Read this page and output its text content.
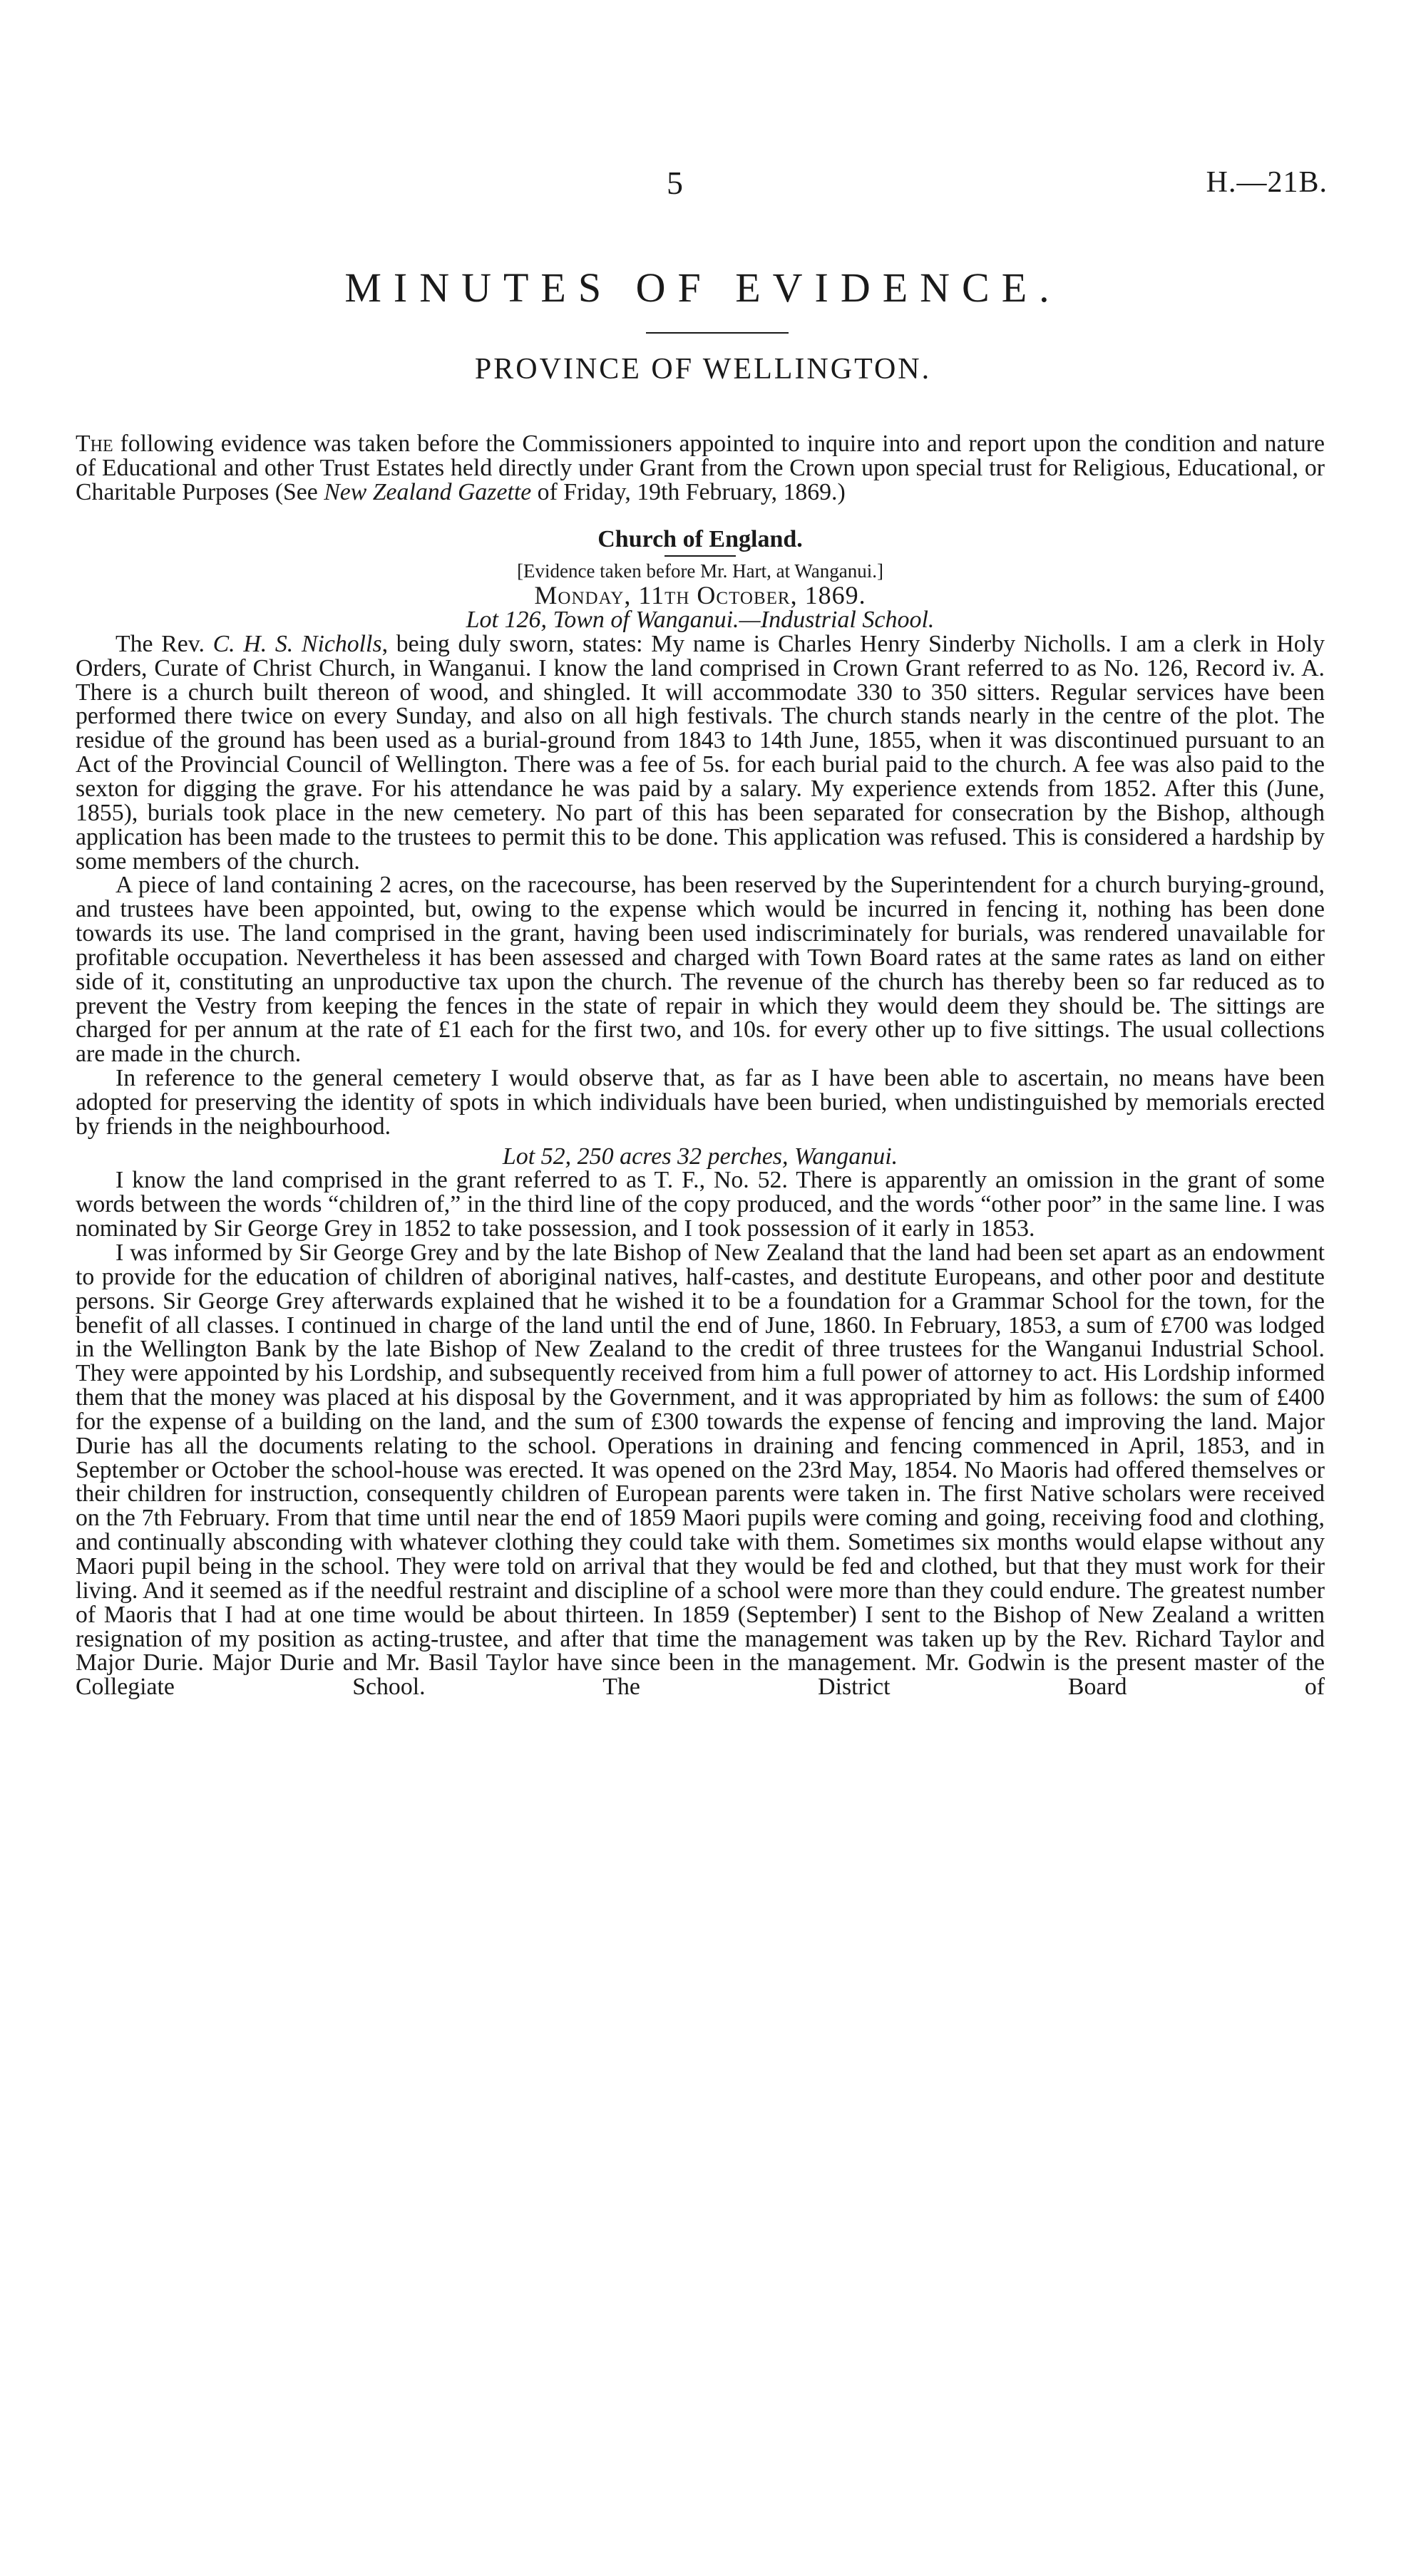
5	H.—21B.
MINUTES OF EVIDENCE.
PROVINCE OF WELLINGTON.

The following evidence was taken before the Commissioners appointed to inquire into and report upon the condition and nature of Educational and other Trust Estates held directly under Grant from the Crown upon special trust for Religious, Educational, or Charitable Purposes (See New Zealand Gazette of Friday, 19th February, 1869.)

Church of England.
[Evidence taken before Mr. Hart, at Wanganui.]
Monday, 11th October, 1869.
Lot 126, Town of Wanganui.—Industrial School.

The Rev. C. H. S. Nicholls, being duly sworn, states: My name is Charles Henry Sinderby Nicholls. I am a clerk in Holy Orders, Curate of Christ Church, in Wanganui. I know the land comprised in Crown Grant referred to as No. 126, Record iv. A. There is a church built thereon of wood, and shingled. It will accommodate 330 to 350 sitters. Regular services have been performed there twice on every Sunday, and also on all high festivals. The church stands nearly in the centre of the plot. The residue of the ground has been used as a burial-ground from 1843 to 14th June, 1855, when it was discontinued pursuant to an Act of the Provincial Council of Wellington. There was a fee of 5s. for each burial paid to the church. A fee was also paid to the sexton for digging the grave. For his attendance he was paid by a salary. My experience extends from 1852. After this (June, 1855), burials took place in the new cemetery. No part of this has been separated for consecration by the Bishop, although application has been made to the trustees to permit this to be done. This application was refused. This is considered a hardship by some members of the church.

A piece of land containing 2 acres, on the racecourse, has been reserved by the Superintendent for a church burying-ground, and trustees have been appointed, but, owing to the expense which would be incurred in fencing it, nothing has been done towards its use. The land comprised in the grant, having been used indiscriminately for burials, was rendered unavailable for profitable occupation. Nevertheless it has been assessed and charged with Town Board rates at the same rates as land on either side of it, constituting an unproductive tax upon the church. The revenue of the church has thereby been so far reduced as to prevent the Vestry from keeping the fences in the state of repair in which they would deem they should be. The sittings are charged for per annum at the rate of £1 each for the first two, and 10s. for every other up to five sittings. The usual collections are made in the church.

In reference to the general cemetery I would observe that, as far as I have been able to ascertain, no means have been adopted for preserving the identity of spots in which individuals have been buried, when undistinguished by memorials erected by friends in the neighbourhood.

Lot 52, 250 acres 32 perches, Wanganui.

I know the land comprised in the grant referred to as T. F., No. 52. There is apparently an omission in the grant of some words between the words “children of,” in the third line of the copy produced, and the words “other poor” in the same line. I was nominated by Sir George Grey in 1852 to take possession, and I took possession of it early in 1853.

I was informed by Sir George Grey and by the late Bishop of New Zealand that the land had been set apart as an endowment to provide for the education of children of aboriginal natives, half-castes, and destitute Europeans, and other poor and destitute persons. Sir George Grey afterwards explained that he wished it to be a foundation for a Grammar School for the town, for the benefit of all classes. I continued in charge of the land until the end of June, 1860. In February, 1853, a sum of £700 was lodged in the Wellington Bank by the late Bishop of New Zealand to the credit of three trustees for the Wanganui Industrial School. They were appointed by his Lordship, and subsequently received from him a full power of attorney to act. His Lordship informed them that the money was placed at his disposal by the Government, and it was appropriated by him as follows: the sum of £400 for the expense of a building on the land, and the sum of £300 towards the expense of fencing and improving the land. Major Durie has all the documents relating to the school. Operations in draining and fencing commenced in April, 1853, and in September or October the school-house was erected. It was opened on the 23rd May, 1854. No Maoris had offered themselves or their children for instruction, consequently children of European parents were taken in. The first Native scholars were received on the 7th February. From that time until near the end of 1859 Maori pupils were coming and going, receiving food and clothing, and continually absconding with whatever clothing they could take with them. Sometimes six months would elapse without any Maori pupil being in the school. They were told on arrival that they would be fed and clothed, but that they must work for their living. And it seemed as if the needful restraint and discipline of a school were more than they could endure. The greatest number of Maoris that I had at one time would be about thirteen. In 1859 (September) I sent to the Bishop of New Zealand a written resignation of my position as acting-trustee, and after that time the management was taken up by the Rev. Richard Taylor and Major Durie. Major Durie and Mr. Basil Taylor have since been in the management. Mr. Godwin is the present master of the Collegiate School. The District Board of
